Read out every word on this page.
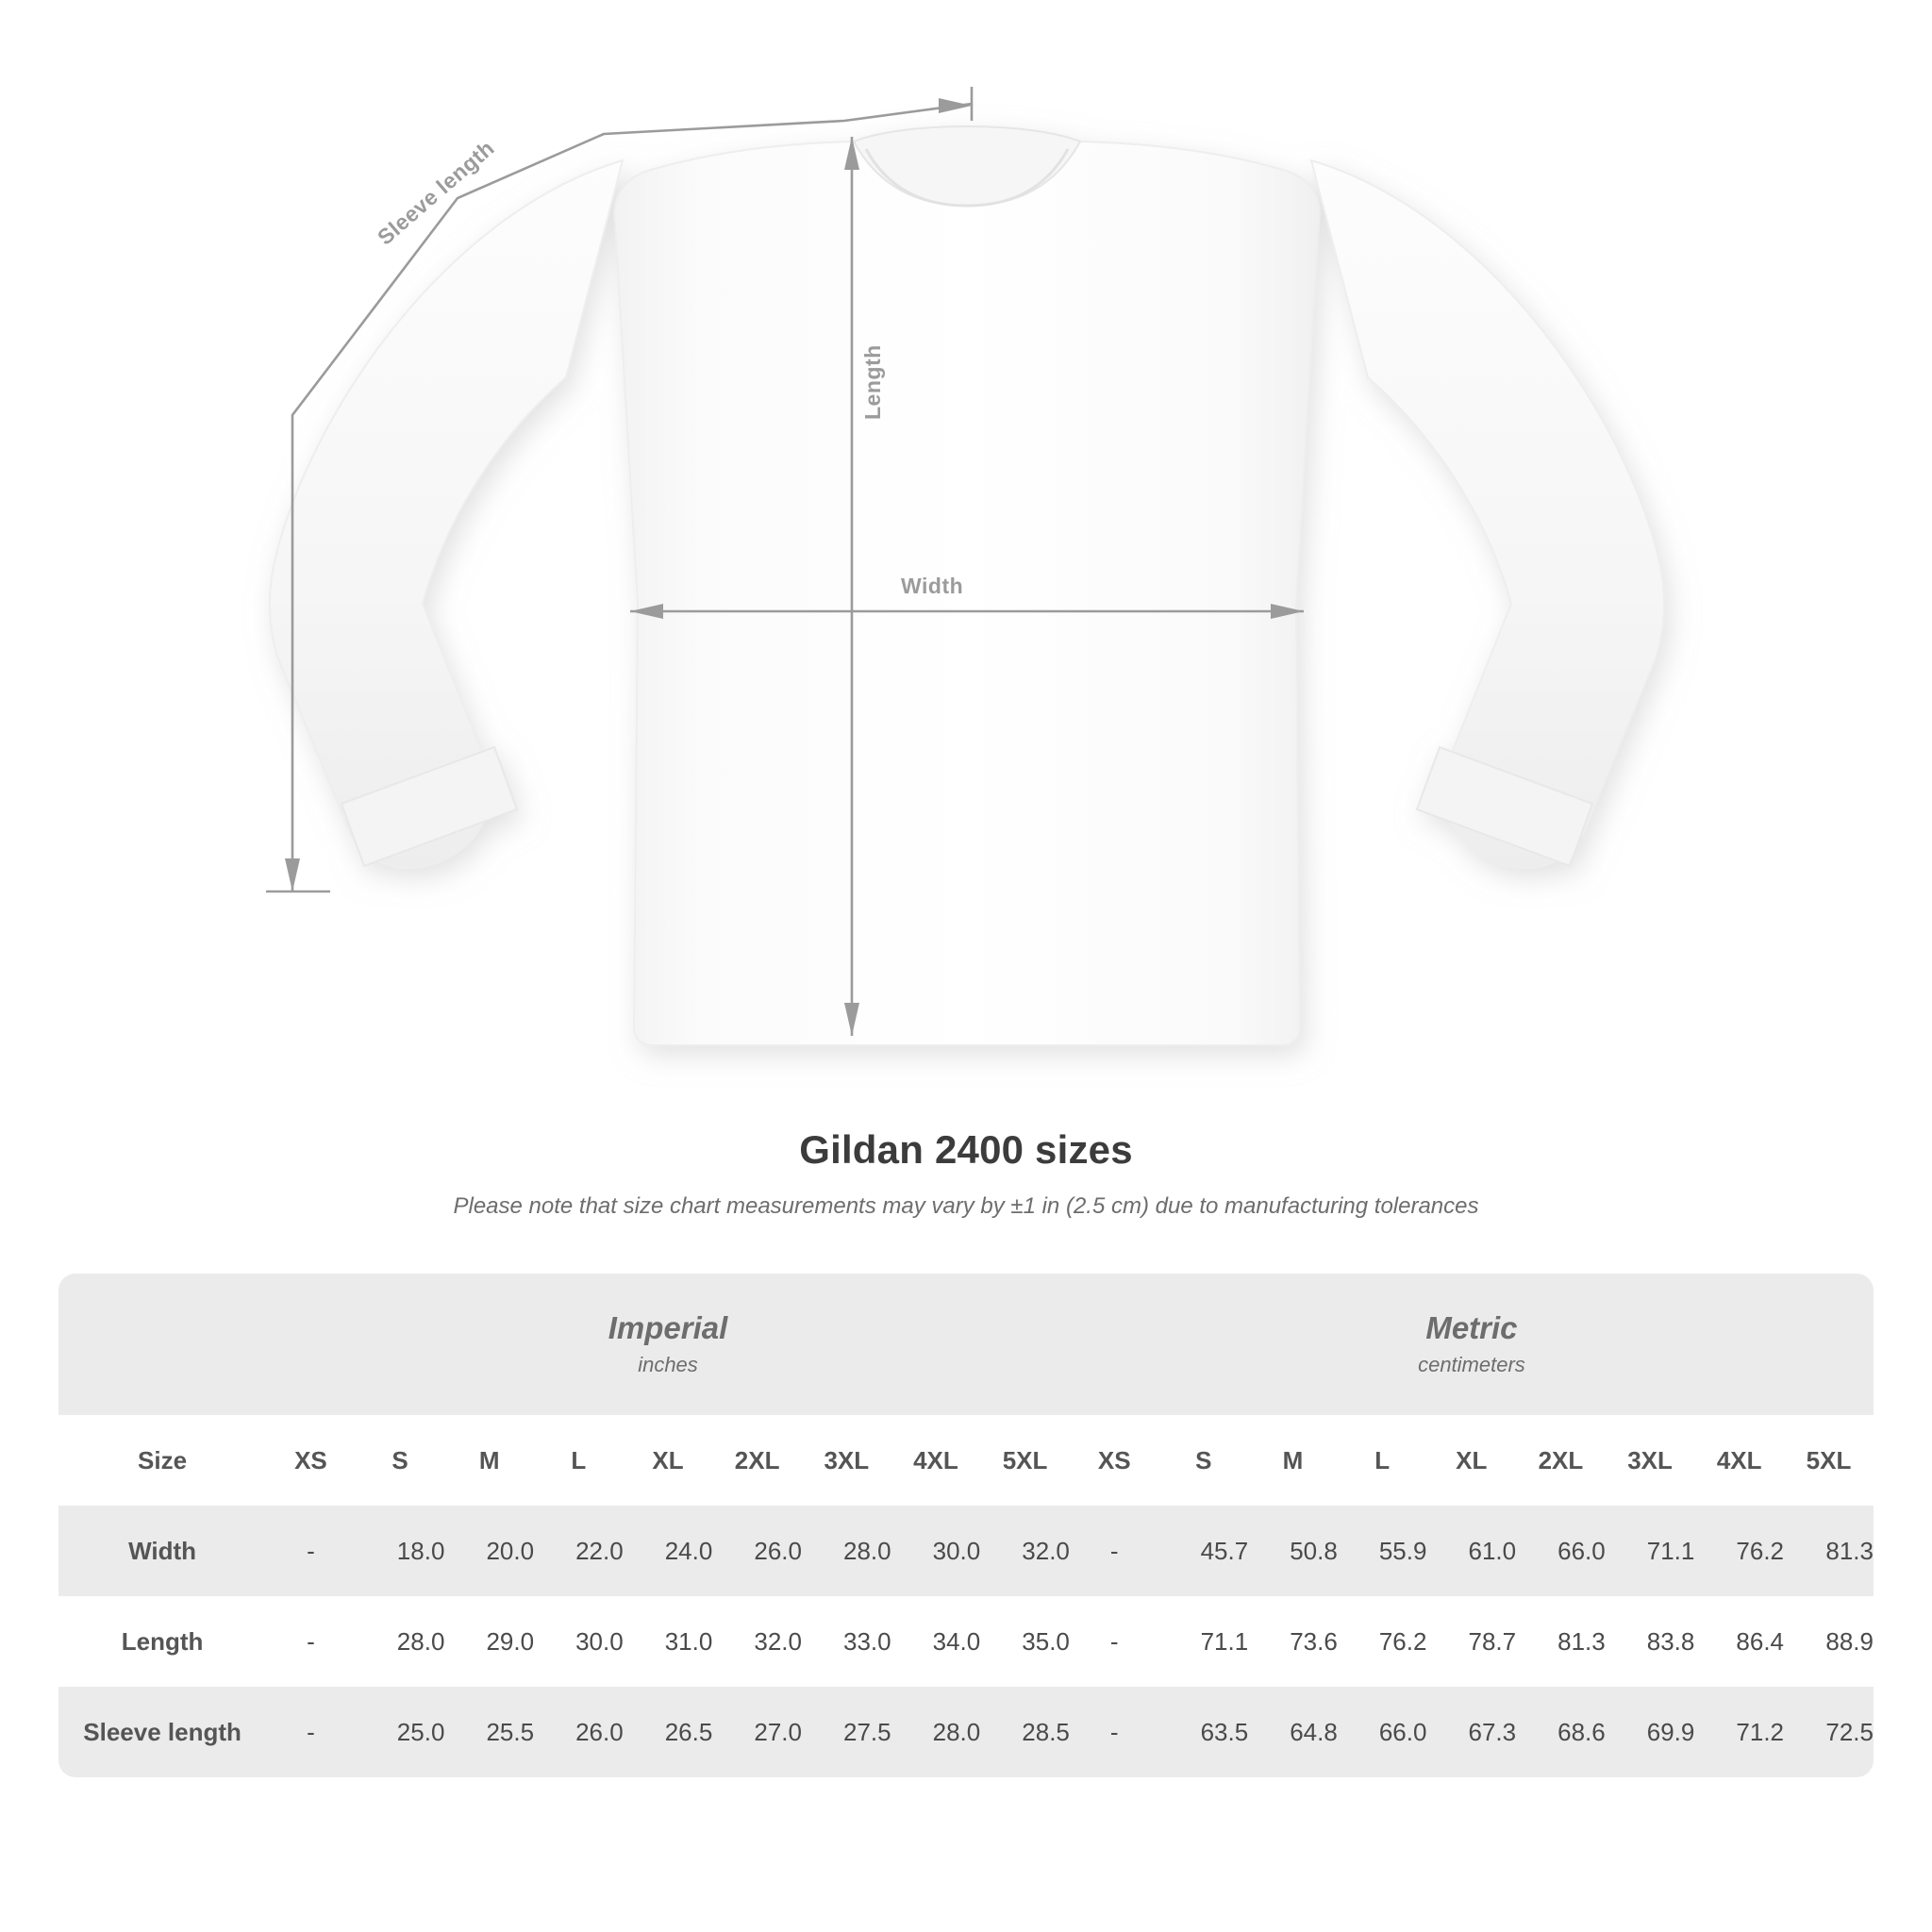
Sleeve length
Length
Width
Gildan 2400 sizes

Please note that size chart measurements may vary by ±1 in (2.5 cm) due to manufacturing tolerances

Imperial
inches

Metric
centimeters

Size	XS	S	M	L	XL	2XL	3XL	4XL	5XL	XS	S	M	L	XL	2XL	3XL	4XL	5XL
Width	-	18.0	20.0	22.0	24.0	26.0	28.0	30.0	32.0	-	45.7	50.8	55.9	61.0	66.0	71.1	76.2	81.3
Length	-	28.0	29.0	30.0	31.0	32.0	33.0	34.0	35.0	-	71.1	73.6	76.2	78.7	81.3	83.8	86.4	88.9
Sleeve length	-	25.0	25.5	26.0	26.5	27.0	27.5	28.0	28.5	-	63.5	64.8	66.0	67.3	68.6	69.9	71.2	72.5
